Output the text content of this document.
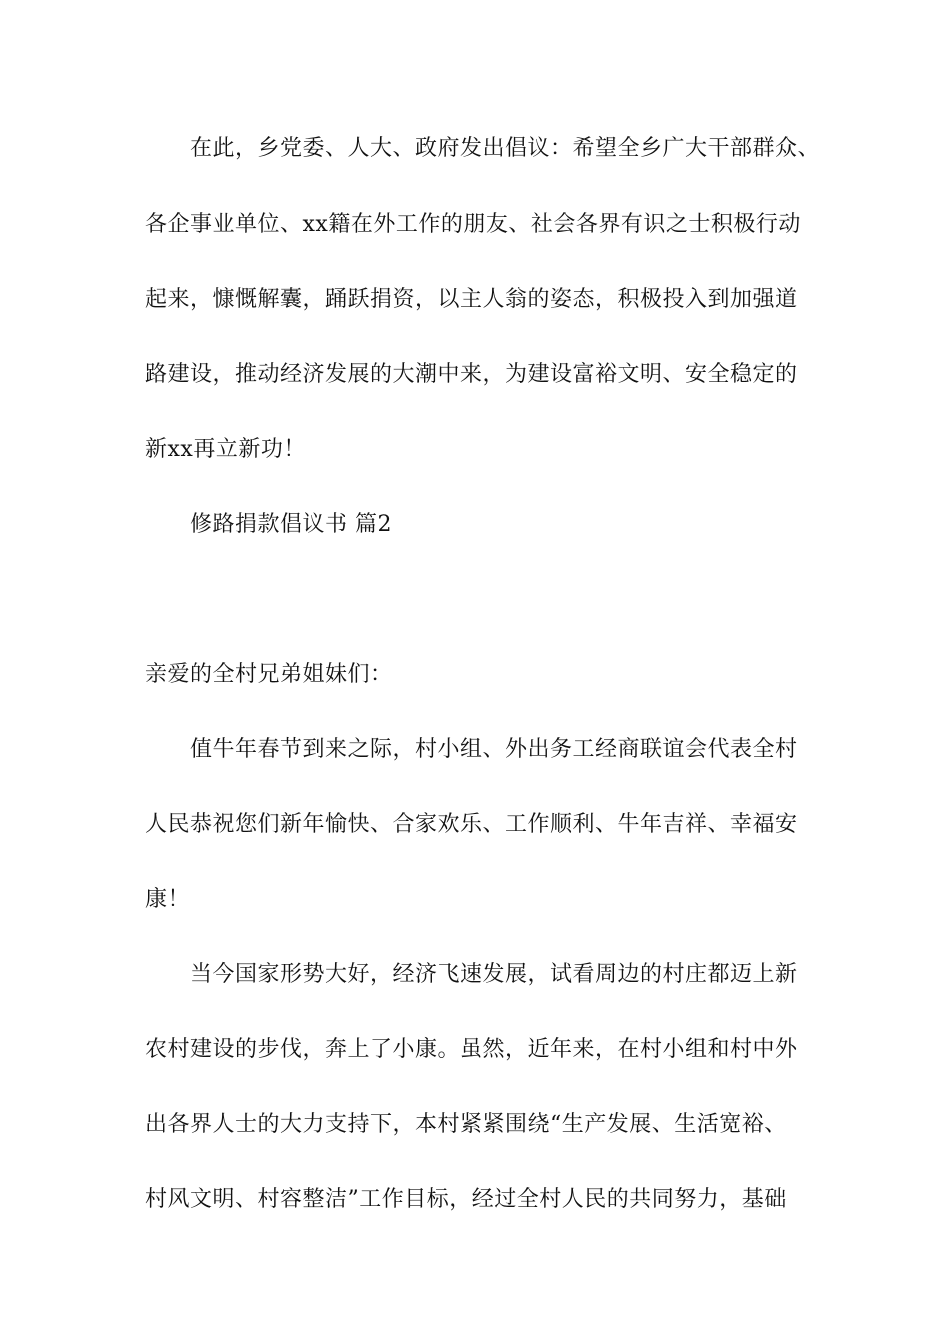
在此，乡党委、人大、政府发出倡议：希望全乡广大干部群众、
各企事业单位、xx籍在外工作的朋友、社会各界有识之士积极行动
起来，慷慨解囊，踊跃捐资，以主人翁的姿态，积极投入到加强道
路建设，推动经济发展的大潮中来，为建设富裕文明、安全稳定的
新xx再立新功！
修路捐款倡议书 篇2
亲爱的全村兄弟姐妹们：
值牛年春节到来之际，村小组、外出务工经商联谊会代表全村
人民恭祝您们新年愉快、合家欢乐、工作顺利、牛年吉祥、幸福安
康！
当今国家形势大好，经济飞速发展，试看周边的村庄都迈上新
农村建设的步伐，奔上了小康。虽然，近年来，在村小组和村中外
出各界人士的大力支持下，本村紧紧围绕“生产发展、生活宽裕、
村风文明、村容整洁”工作目标，经过全村人民的共同努力，基础
